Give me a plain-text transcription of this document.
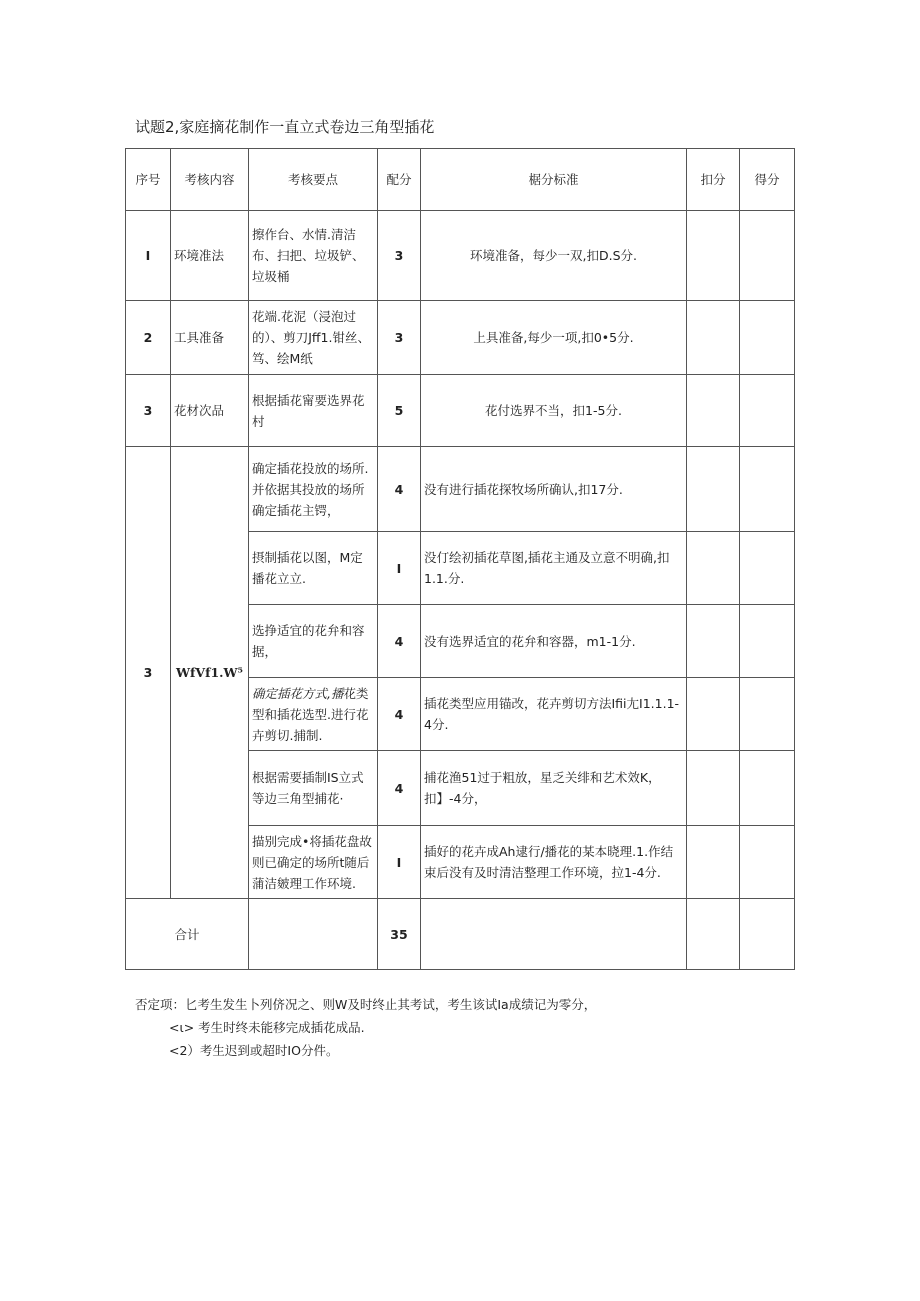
试题2,家庭摘花制作一直立式卷边三角型插花
序号	考核内容	考核要点	配分	椐分标准	扣分	得分
I	环境准法	擦作台、水情.清洁布、扫把、垃圾铲、垃圾桶	3	环境准备，每少一双,扣D.S分.		
2	工具准备	花端.花泥（浸泡过的）、剪刀Jff1.钳丝、笃、绘M纸	3	上具准备,每少一项,扣0•5分.		
3	花材次品	根据插花甯要选界花村	5	花付选界不当，扣1-5分.		
3	WfVf1.W⁵	确定插花投放的场所.并依据其投放的场所确定插花主锷，	4	没有进行插花探牧场所确认,扣17分.		
		摂制插花以图，M定播花立立.	I	没仃绘初插花草图,插花主通及立意不明确,扣1.1.分.		
		选挣适宜的花弁和容据，	4	没有选界适宜的花弁和容器，m1-1分.		
		确定插花方式,播花类型和插花选型.进行花卉剪切.捕制.	4	插花类型应用锚改，花卉剪切方法Ifii尢I1.1.1-4分.		
		根据需要插制IS立式等边三角型捕花·	4	捕花渔51过于粗放，星乏关绯和艺术效K，扣】-4分，		
		描别完成•将插花盘故则已确定的场所t随后蒲洁皴理工作环境.	I	插好的花卉成Ah逮行/播花的某本晓理.1.作结束后没有及时清洁整理工作环境，拉1-4分.		
合计			35			
否定项：匕考生发生卜列侪况之、则W及时终止其考试，考生该试Ia成绩记为零分，
<ι> 考生时终未能移完成插花成品.
<2）考生迟到或超时IO分件。
